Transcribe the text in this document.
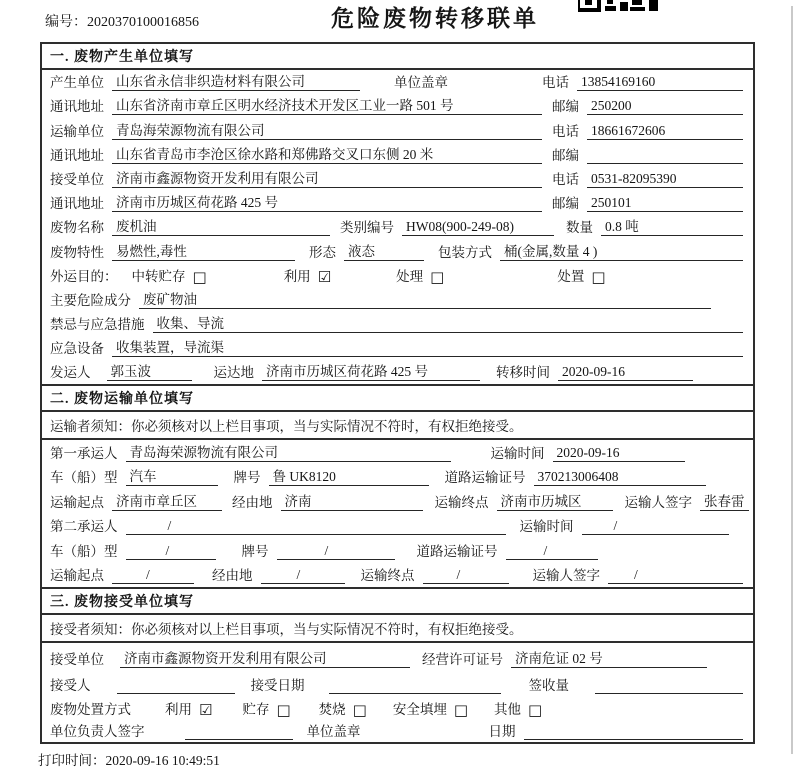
编号：2020370100016856	危险废物转移联单
一. 废物产生单位填写
产生单位 山东省永信非织造材料有限公司	单位盖章	电话 13854169160
通讯地址 山东省济南市章丘区明水经济技术开发区工业一路 501 号	邮编 250200
运输单位 青岛海荣源物流有限公司	电话 18661672606
通讯地址 山东省青岛市李沧区徐水路和郑佛路交叉口东侧 20 米	邮编
接受单位 济南市鑫源物资开发利用有限公司	电话 0531-82095390
通讯地址 济南市历城区荷花路 425 号	邮编 250101
废物名称 废机油	类别编号 HW08(900-249-08)	数量 0.8 吨
废物特性 易燃性,毒性	形态 液态	包装方式 桶(金属,数量 4 )
外运目的： 中转贮存 □	利用 ☑	处理 □	处置 □
主要危险成分 废矿物油
禁忌与应急措施 收集、导流
应急设备 收集装置，导流渠
发运人 郭玉波	运达地 济南市历城区荷花路 425 号	转移时间 2020-09-16
二. 废物运输单位填写
运输者须知：你必须核对以上栏目事项，当与实际情况不符时，有权拒绝接受。
第一承运人 青岛海荣源物流有限公司	运输时间 2020-09-16
车（船）型 汽车	牌号 鲁 UK8120	道路运输证号 370213006408
运输起点 济南市章丘区	经由地 济南	运输终点 济南市历城区	运输人签字 张春雷
第二承运人	/	运输时间	/
车（船）型	/	牌号	/	道路运输证号	/
运输起点	/	经由地	/	运输终点	/	运输人签字	/
三. 废物接受单位填写
接受者须知：你必须核对以上栏目事项，当与实际情况不符时，有权拒绝接受。
接受单位 济南市鑫源物资开发利用有限公司	经营许可证号 济南危证 02 号
接受人	接受日期	签收量
废物处置方式	利用 ☑ 贮存 □ 焚烧 □ 安全填埋 □ 其他 □
单位负责人签字	单位盖章	日期
打印时间：2020-09-16 10:49:51
